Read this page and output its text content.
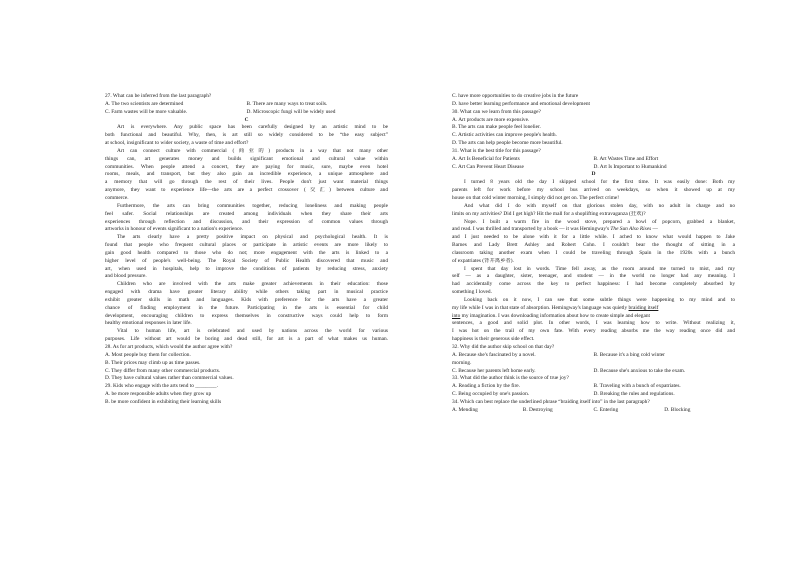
27. What can be inferred from the last paragraph?
A. The two scientists are determined	B. There are many ways to treat soils.
C. Farm wastes will be more valuable.	D. Microscopic fungi will be widely used
C
Art is everywhere. Any public space has been carefully designed by an artistic mind to be
both functional and beautiful. Why, then, is art still so widely considered to be “the easy subject”
at school, insignificant to wider society, a waste of time and effort?
Art can connect culture with commercial (商业的) products in a way that not many other
things can, art generates money and builds significant emotional and cultural value within
communities. When people attend a concert, they are paying for music, sure, maybe even hotel
rooms, meals, and transport, but they also gain an incredible experience, a unique atmosphere and
a memory that will go through the rest of their lives. People don't just want material things
anymore, they want to experience life—the arts are a perfect crossover (交汇) between culture and
commerce.
Furthermore, the arts can bring communities together, reducing loneliness and making people
feel safer. Social relationships are created among individuals when they share their arts
experiences through reflection and discussion, and their expression of common values through
artworks in honour of events significant to a nation's experience.
The arts clearly have a pretty positive impact on physical and psychological health. It is
found that people who frequent cultural places or participate in artistic events are more likely to
gain good health compared to those who do not; more engagement with the arts is linked to a
higher level of people's well-being. The Royal Society of Public Health discovered that music and
art, when used in hospitals, help to improve the conditions of patients by reducing stress, anxiety
and blood pressure.
Children who are involved with the arts make greater achievements in their education: those
engaged with drama have greater literary ability while others taking part in musical practice
exhibit greater skills in math and languages. Kids with preference for the arts have a greater
chance of finding employment in the future. Participating in the arts is essential for child
development, encouraging children to express themselves in constructive ways could help to form
healthy emotional responses in later life.
Vital to human life, art is celebrated and used by nations across the world for various
purposes. Life without art would be boring and dead still, for art is a part of what makes us human.
28. As for art products, which would the author agree with?
A. Most people buy them for collection.
B. Their prices may climb up as time passes.
C. They differ from many other commercial products.
D. They have cultural values rather than commercial values.
29. Kids who engage with the arts tend to ________.
A. be more responsible adults when they grow up
B. be more confident in exhibiting their learning skills
C. have more opportunities to do creative jobs in the future
D. have better learning performance and emotional development
30. What can we learn from this passage?
A. Art products are more expensive.
B. The arts can make people feel lonelier.
C. Artistic activities can improve people's health.
D. The arts can help people become more beautiful.
31. What is the best title for this passage?
A. Art Is Beneficial for Patients	B. Art Wastes Time and Effort
C. Art Can Prevent Heart Disease	D. Art Is Important to Humankind
D
I turned 8 years old the day I skipped school for the first time. It was easily done: Both my
parents left for work before my school bus arrived on weekdays, so when it showed up at my
house on that cold winter morning, I simply did not get on. The perfect crime!
And what did I do with myself on that glorious stolen day, with no adult in charge and no
limits on my activities? Did I get high? Hit the mall for a shoplifting extravaganza (狂欢)?
Nope. I built a warm fire in the wood stove, prepared a bowl of popcorn, grabbed a blanket,
and read. I was thrilled and transported by a book — it was Hemingway's The Sun Also Rises —
and I just needed to be alone with it for a little while. I ached to know what would happen to Jake
Barnes and Lady Brett Ashley and Robert Cohn. I couldn't bear the thought of sitting in a
classroom taking another exam when I could be traveling through Spain in the 1920s with a bunch
of expatriates (背井离乡者).
I spent that day lost in words. Time fell away, as the room around me turned to mist, and my
self — as a daughter, sister, teenager, and student — in the world no longer had any meaning. I
had accidentally come across the key to perfect happiness: I had become completely absorbed by
something I loved.
Looking back on it now, I can see that some subtle things were happening to my mind and to
my life while I was in that state of absorption. Hemingway's language was quietly braiding itself
into my imagination. I was downloading information about how to create simple and elegant
sentences, a good and solid plot. In other words, I was learning how to write. Without realizing it,
I was hot on the trail of my own fate. With every reading absorbs me the way reading once did and
happiness is their generous side effect.
32. Why did the author skip school on that day?
A. Because she's fascinated by a novel.	B. Because it's a bing cold winter
morning.
C. Because her parents left home early.	D. Because she's anxious to take the exam.
33. What did the author think is the source of true joy?
A. Reading a fiction by the fire.	B. Traveling with a bunch of expatriates.
C. Being occupied by one's passion.	D. Breaking the rules and regulations.
34. Which can best replace the underlined phrase “braiding itself into” in the last paragraph?
A. Mending	B. Destroying	C. Entering	D. Blocking
